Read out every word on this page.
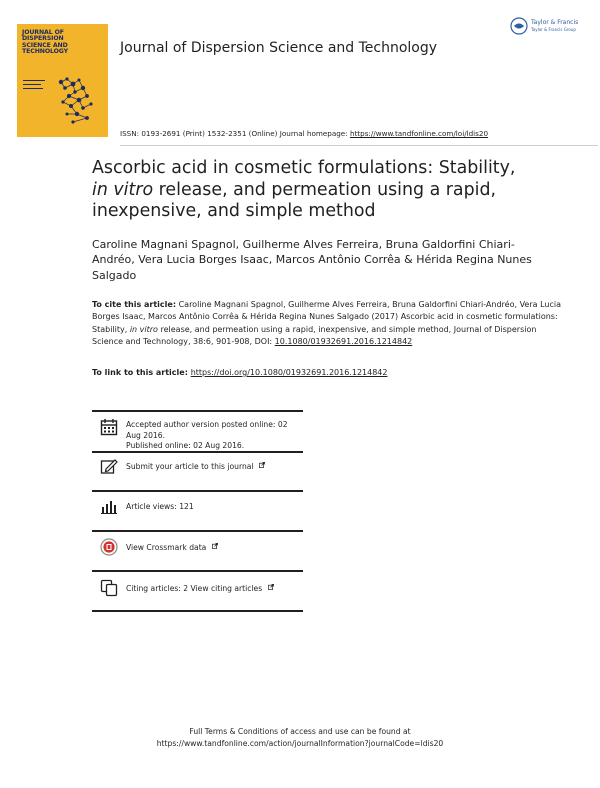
JOURNAL OF DISPERSION SCIENCE AND TECHNOLOGY	Journal of Dispersion Science and Technology
Taylor & Francis
Taylor & Francis Group
ISSN: 0193-2691 (Print) 1532-2351 (Online) Journal homepage: https://www.tandfonline.com/loi/ldis20
Ascorbic acid in cosmetic formulations: Stability,
in vitro release, and permeation using a rapid, inexpensive, and simple method
Caroline Magnani Spagnol, Guilherme Alves Ferreira, Bruna Galdorfini Chiari-Andréo, Vera Lucia Borges Isaac, Marcos Antônio Corrêa & Hérida Regina Nunes Salgado
To cite this article: Caroline Magnani Spagnol, Guilherme Alves Ferreira, Bruna Galdorfini Chiari-Andréo, Vera Lucia Borges Isaac, Marcos Antônio Corrêa & Hérida Regina Nunes Salgado (2017) Ascorbic acid in cosmetic formulations: Stability, in vitro release, and permeation using a rapid, inexpensive, and simple method, Journal of Dispersion Science and Technology, 38:6, 901-908, DOI: 10.1080/01932691.2016.1214842
To link to this article: https://doi.org/10.1080/01932691.2016.1214842
Accepted author version posted online: 02
Aug 2016.
Published online: 02 Aug 2016.
Submit your article to this journal
Article views: 121
View Crossmark data
Citing articles: 2 View citing articles
Full Terms & Conditions of access and use can be found at
https://www.tandfonline.com/action/journalInformation?journalCode=ldis20
